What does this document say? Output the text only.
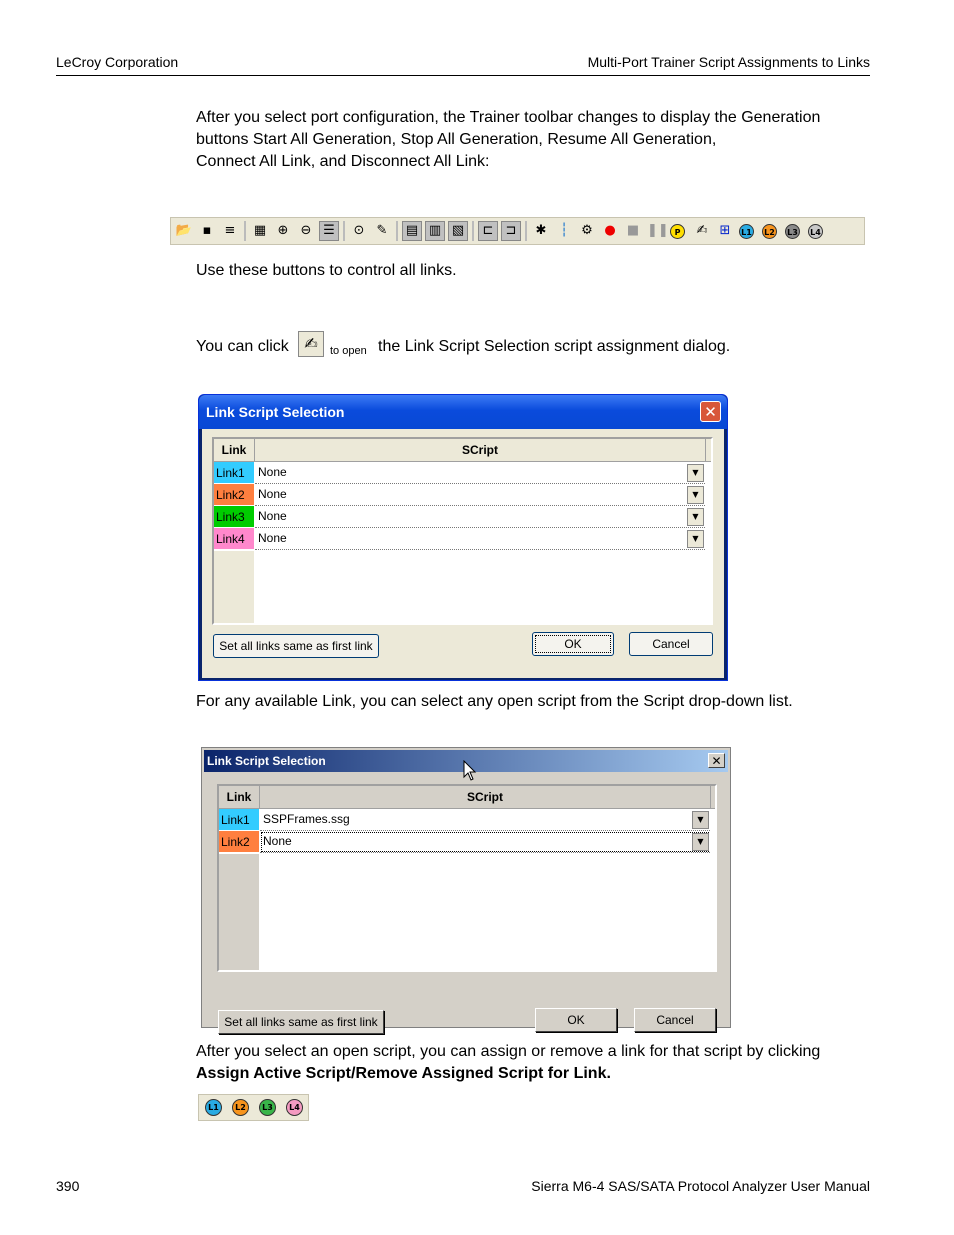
LeCroy Corporation	Multi-Port Trainer Script Assignments to Links
After you select port configuration, the Trainer toolbar changes to display the Generation
buttons Start All Generation, Stop All Generation, Resume All Generation,
Connect All Link, and Disconnect All Link:
📂 ▪	≡ ▦ ⊕ ⊖ ☰ ⊙ ✎ ▤ ▥ ▧ ⊏ ⊐ ✱	┆	⚙ ● ■ ❚❚ P	✍ ⊞	L1 L2 L3 L4
Use these buttons to control all links.
You can click ✍	to open the Link Script Selection script assignment dialog.
Link Script Selection	✕
Link	SCript
Link1	None	▼
Link2	None	▼
Link3	None	▼
Link4	None	▼
Set all links same as first link	OK	Cancel
For any available Link, you can select any open script from the Script drop-down list.
Link Script Selection	✕
Link	SCript
Link1	SSPFrames.ssg	▼
Link2	None	▼
Set all links same as first link	OK	Cancel
After you select an open script, you can assign or remove a link for that script by clicking
Assign Active Script/Remove Assigned Script for Link.
L1	L2	L3	L4
390	Sierra M6-4 SAS/SATA Protocol Analyzer User Manual
